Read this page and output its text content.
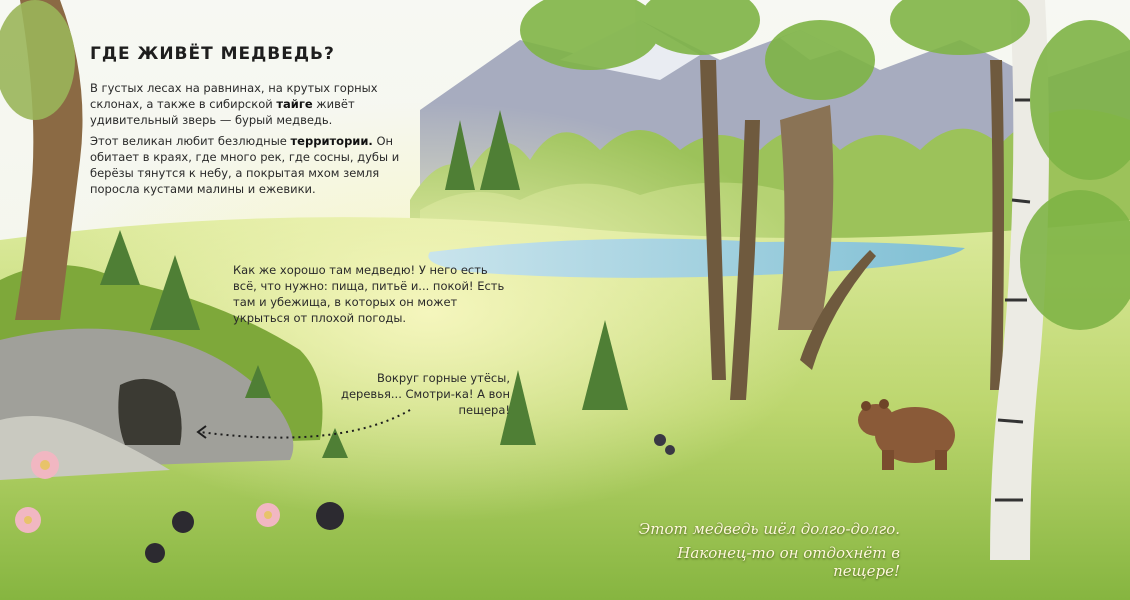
ГДЕ ЖИВЁТ МЕДВЕДЬ?

В густых лесах на равнинах, на крутых горных склонах, а также в сибирской тайге живёт удивительный зверь — бурый медведь.

Этот великан любит безлюдные территории. Он обитает в краях, где много рек, где сосны, дубы и берёзы тянутся к небу, а покрытая мхом земля поросла кустами малины и ежевики.

Как же хорошо там медведю! У него есть всё, что нужно: пища, питьё и... покой! Есть там и убежища, в которых он может укрыться от плохой погоды.

Вокруг горные утёсы, деревья... Смотри-ка! А вон пещера!

Этот медведь шёл долго-долго.
Наконец-то он отдохнёт в пещере!
